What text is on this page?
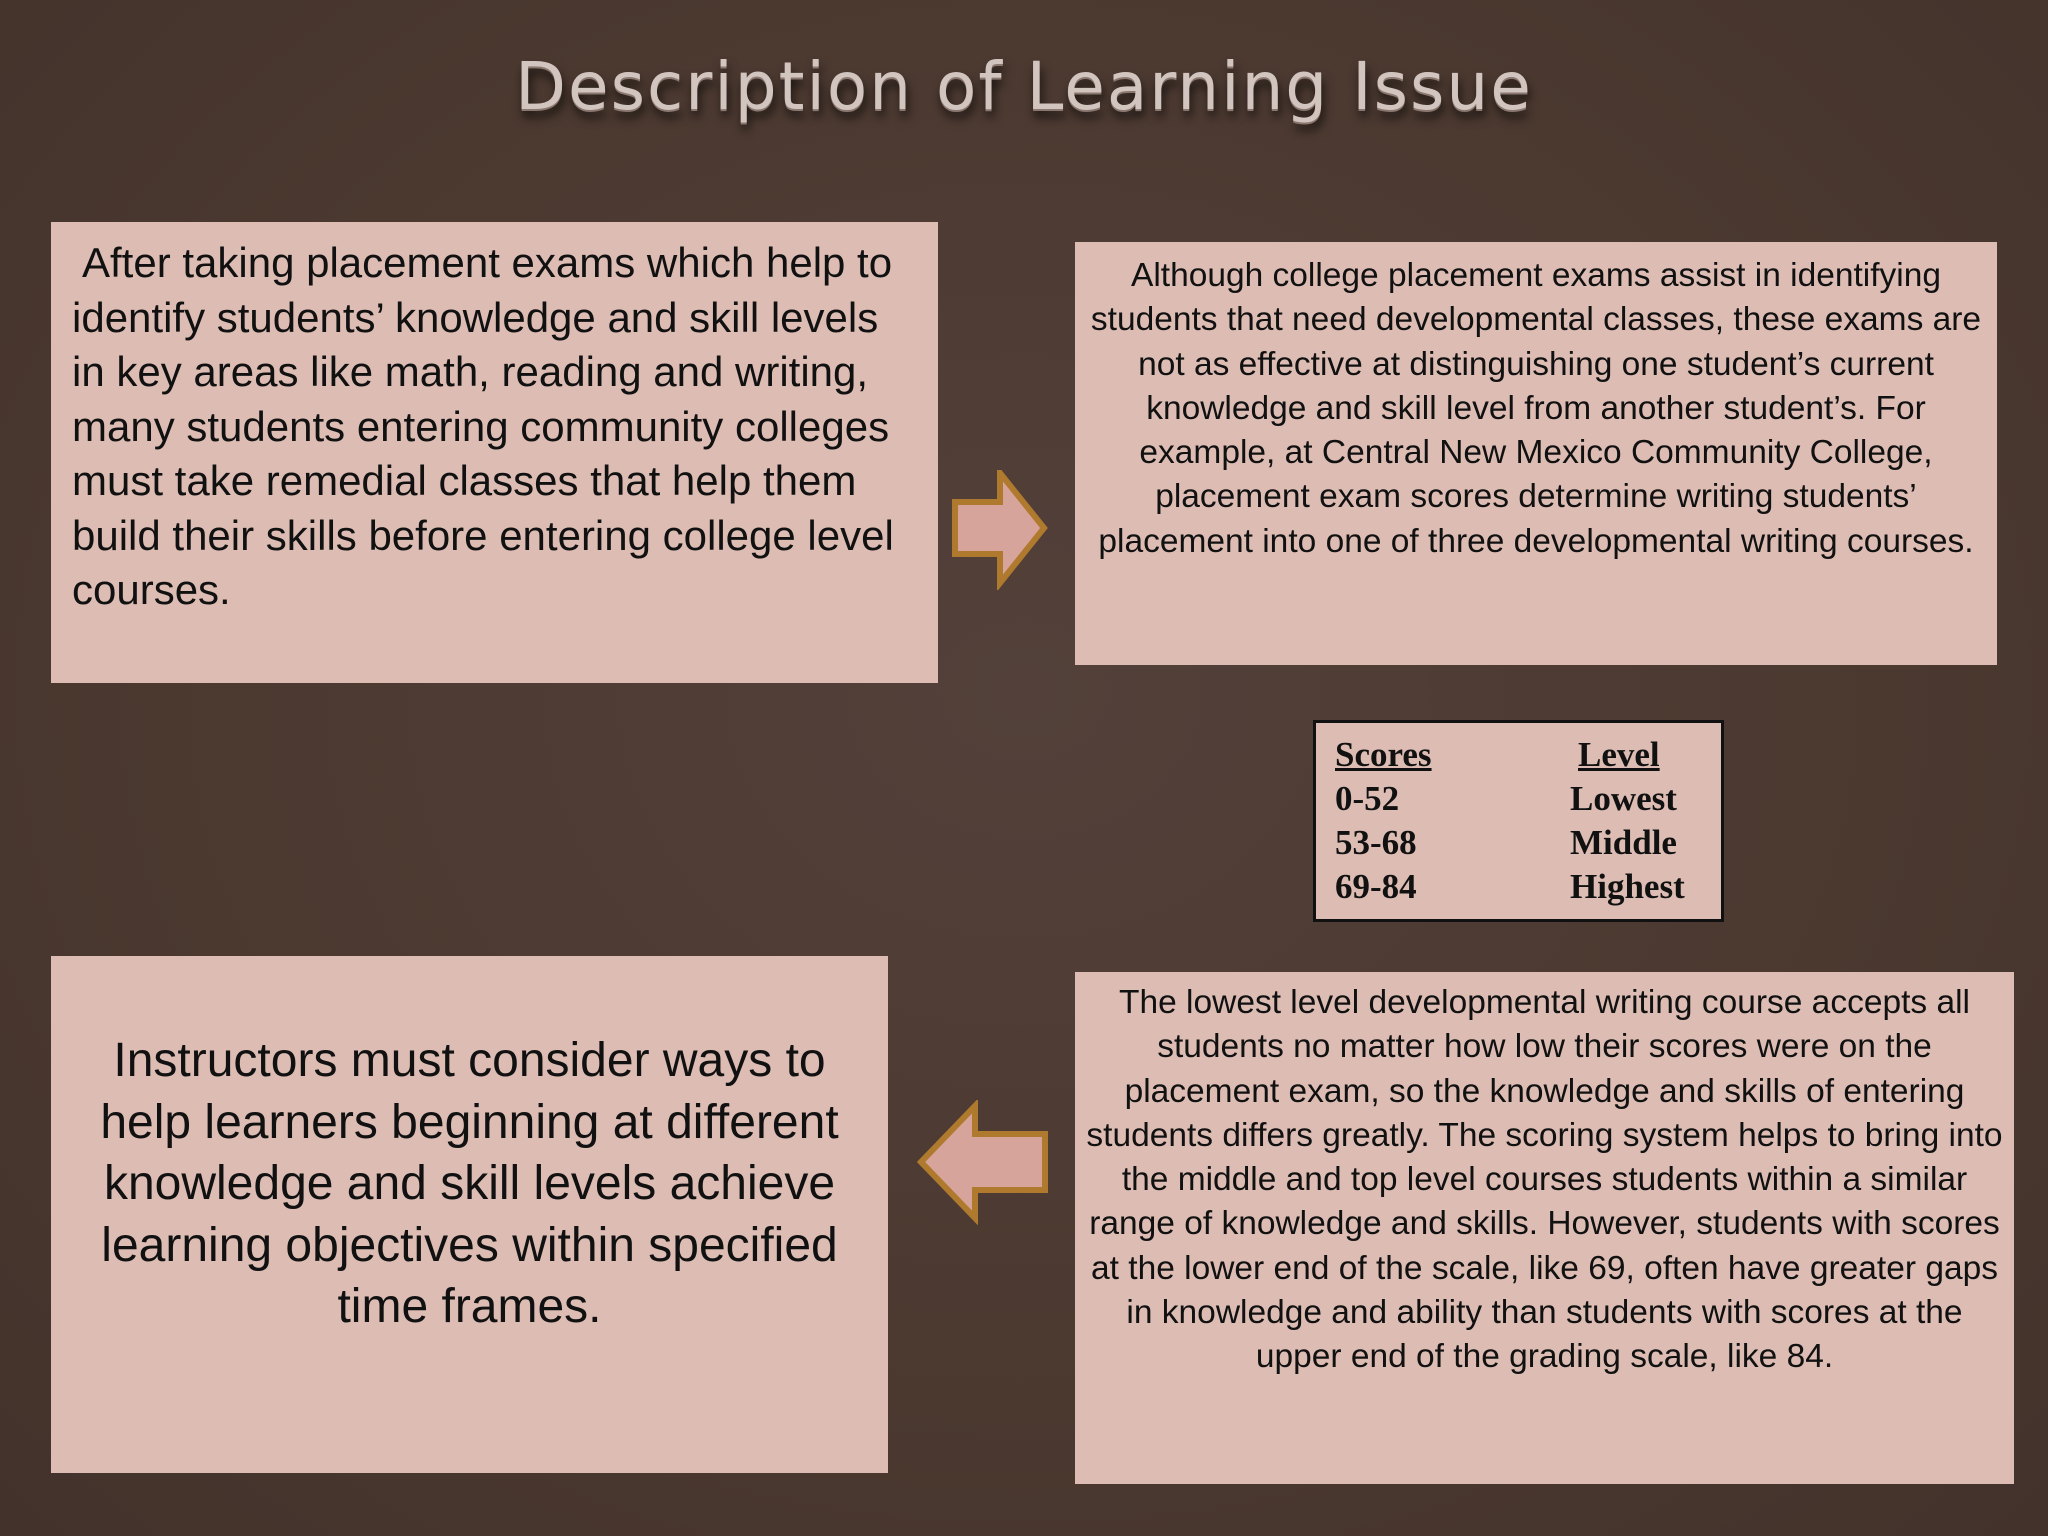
Description of Learning Issue

After taking placement exams which help to identify students’ knowledge and skill levels in key areas like math, reading and writing, many students entering community colleges must take remedial classes that help them build their skills before entering college level courses.

Although college placement exams assist in identifying students that need developmental classes, these exams are not as effective at distinguishing one student’s current knowledge and skill level from another student’s. For example, at Central New Mexico Community College, placement exam scores determine writing students’ placement into one of three developmental writing courses.

Scores	Level
0-52	Lowest
53-68	Middle
69-84	Highest

Instructors must consider ways to help learners beginning at different knowledge and skill levels achieve learning objectives within specified time frames.

The lowest level developmental writing course accepts all students no matter how low their scores were on the placement exam, so the knowledge and skills of entering students differs greatly. The scoring system helps to bring into the middle and top level courses students within a similar range of knowledge and skills. However, students with scores at the lower end of the scale, like 69, often have greater gaps in knowledge and ability than students with scores at the upper end of the grading scale, like 84.
